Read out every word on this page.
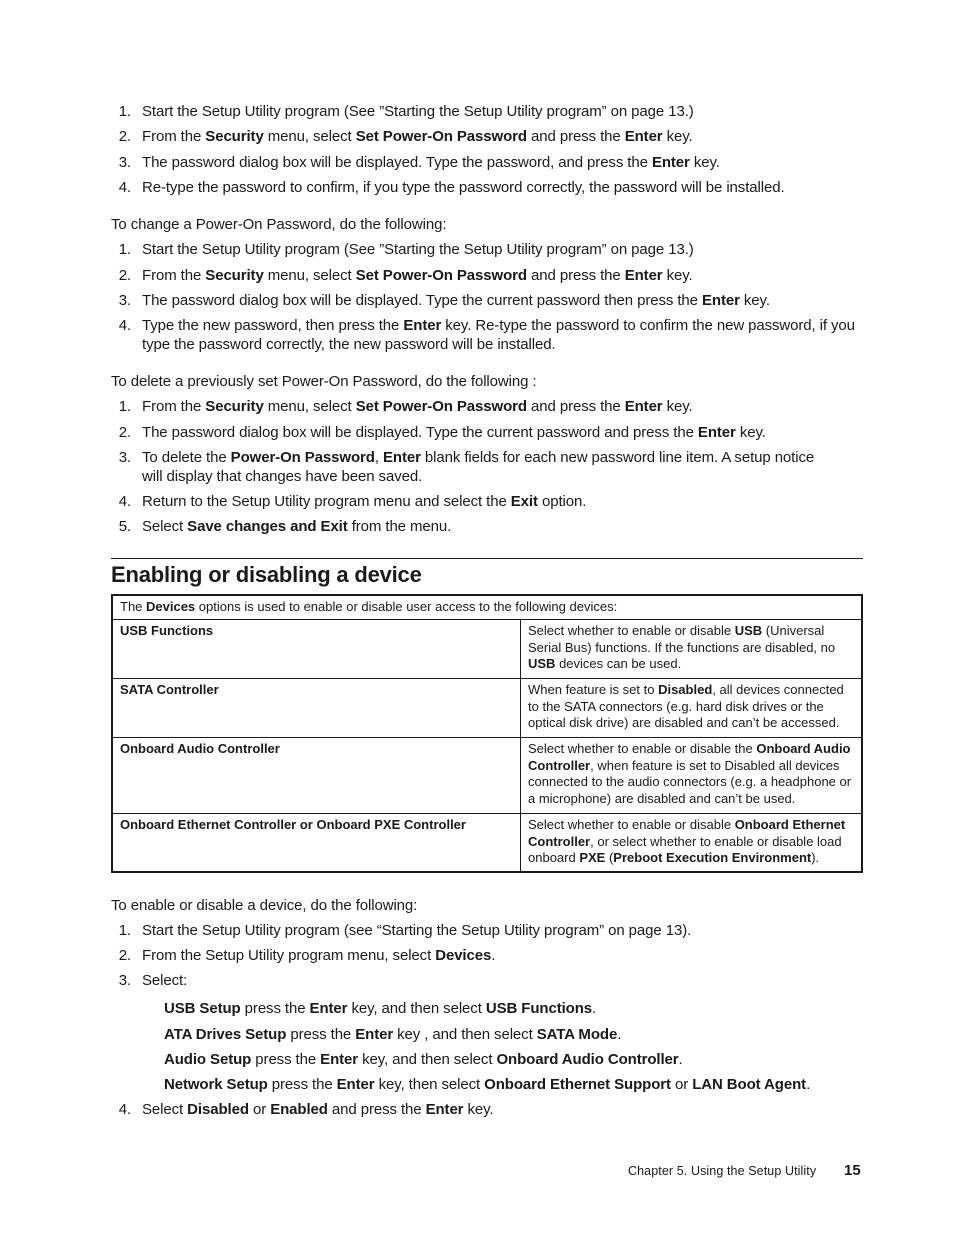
1. Start the Setup Utility program (See ”Starting the Setup Utility program” on page 13.)
2. From the Security menu, select Set Power-On Password and press the Enter key.
3. The password dialog box will be displayed. Type the password, and press the Enter key.
4. Re-type the password to confirm, if you type the password correctly, the password will be installed.
To change a Power-On Password, do the following:
1. Start the Setup Utility program (See ”Starting the Setup Utility program” on page 13.)
2. From the Security menu, select Set Power-On Password and press the Enter key.
3. The password dialog box will be displayed. Type the current password then press the Enter key.
4. Type the new password, then press the Enter key. Re-type the password to confirm the new password, if you type the password correctly, the new password will be installed.
To delete a previously set Power-On Password, do the following :
1. From the Security menu, select Set Power-On Password and press the Enter key.
2. The password dialog box will be displayed. Type the current password and press the Enter key.
3. To delete the Power-On Password, Enter blank fields for each new password line item. A setup notice will display that changes have been saved.
4. Return to the Setup Utility program menu and select the Exit option.
5. Select Save changes and Exit from the menu.
Enabling or disabling a device
The Devices options is used to enable or disable user access to the following devices:	
USB Functions	Select whether to enable or disable USB (Universal Serial Bus) functions. If the functions are disabled, no USB devices can be used.
SATA Controller	When feature is set to Disabled, all devices connected to the SATA connectors (e.g. hard disk drives or the optical disk drive) are disabled and can’t be accessed.
Onboard Audio Controller	Select whether to enable or disable the Onboard Audio Controller, when feature is set to Disabled all devices connected to the audio connectors (e.g. a headphone or a microphone) are disabled and can’t be used.
Onboard Ethernet Controller or Onboard PXE Controller	Select whether to enable or disable Onboard Ethernet Controller, or select whether to enable or disable load onboard PXE (Preboot Execution Environment).
To enable or disable a device, do the following:
1. Start the Setup Utility program (see “Starting the Setup Utility program” on page 13).
2. From the Setup Utility program menu, select Devices.
3. Select:
USB Setup press the Enter key, and then select USB Functions.
ATA Drives Setup press the Enter key , and then select SATA Mode.
Audio Setup press the Enter key, and then select Onboard Audio Controller.
Network Setup press the Enter key, then select Onboard Ethernet Support or LAN Boot Agent.
4. Select Disabled or Enabled and press the Enter key.
Chapter 5. Using the Setup Utility 15
